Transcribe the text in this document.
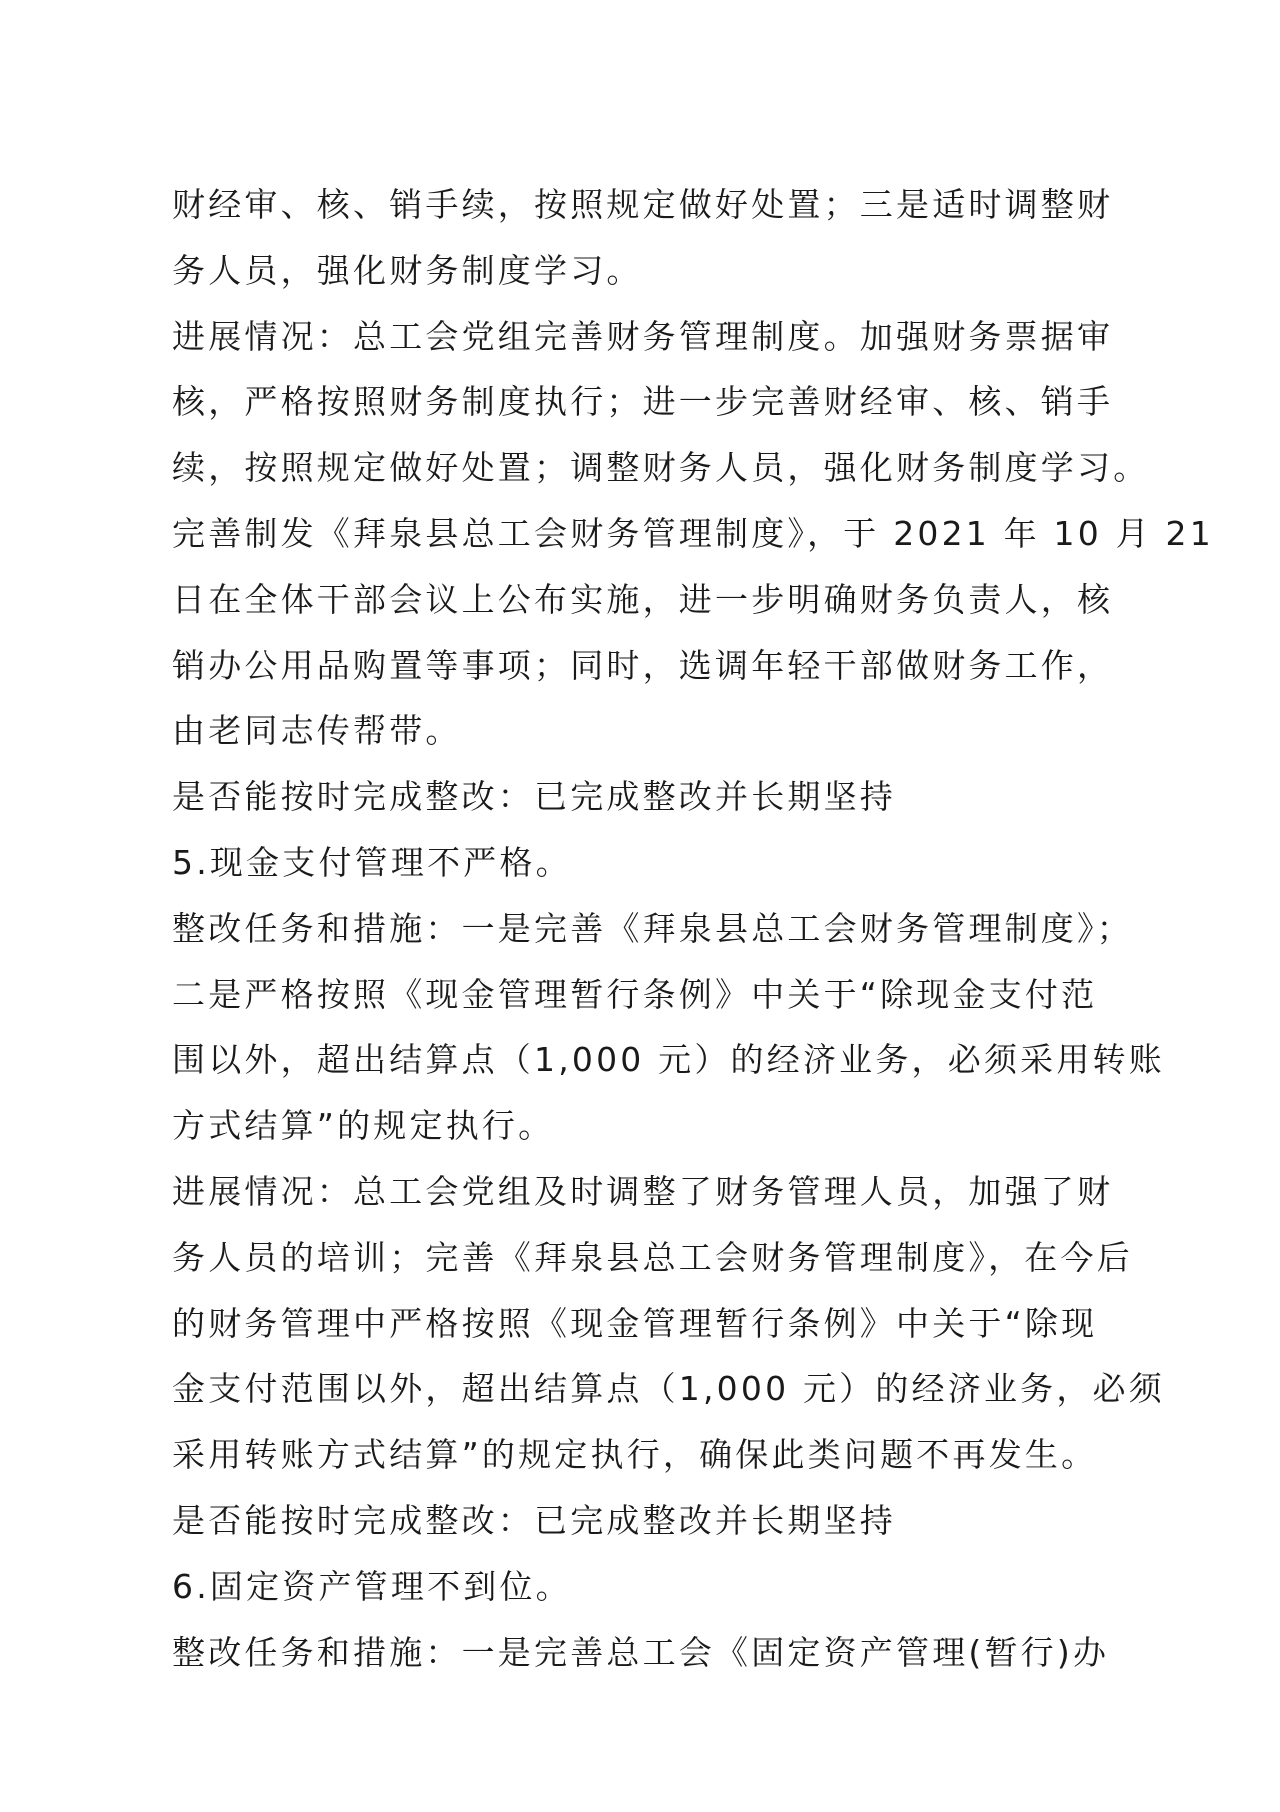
财经审、核、销手续，按照规定做好处置；三是适时调整财
务人员，强化财务制度学习。
进展情况：总工会党组完善财务管理制度。加强财务票据审
核，严格按照财务制度执行；进一步完善财经审、核、销手
续，按照规定做好处置；调整财务人员，强化财务制度学习。
完善制发《拜泉县总工会财务管理制度》，于 2021 年 10 月 21
日在全体干部会议上公布实施，进一步明确财务负责人，核
销办公用品购置等事项；同时，选调年轻干部做财务工作，
由老同志传帮带。
是否能按时完成整改：已完成整改并长期坚持
5.现金支付管理不严格。
整改任务和措施：一是完善《拜泉县总工会财务管理制度》；
二是严格按照《现金管理暂行条例》中关于“除现金支付范
围以外，超出结算点（1,000 元）的经济业务，必须采用转账
方式结算”的规定执行。
进展情况：总工会党组及时调整了财务管理人员，加强了财
务人员的培训；完善《拜泉县总工会财务管理制度》，在今后
的财务管理中严格按照《现金管理暂行条例》中关于“除现
金支付范围以外，超出结算点（1,000 元）的经济业务，必须
采用转账方式结算”的规定执行，确保此类问题不再发生。
是否能按时完成整改：已完成整改并长期坚持
6.固定资产管理不到位。
整改任务和措施：一是完善总工会《固定资产管理(暂行)办
